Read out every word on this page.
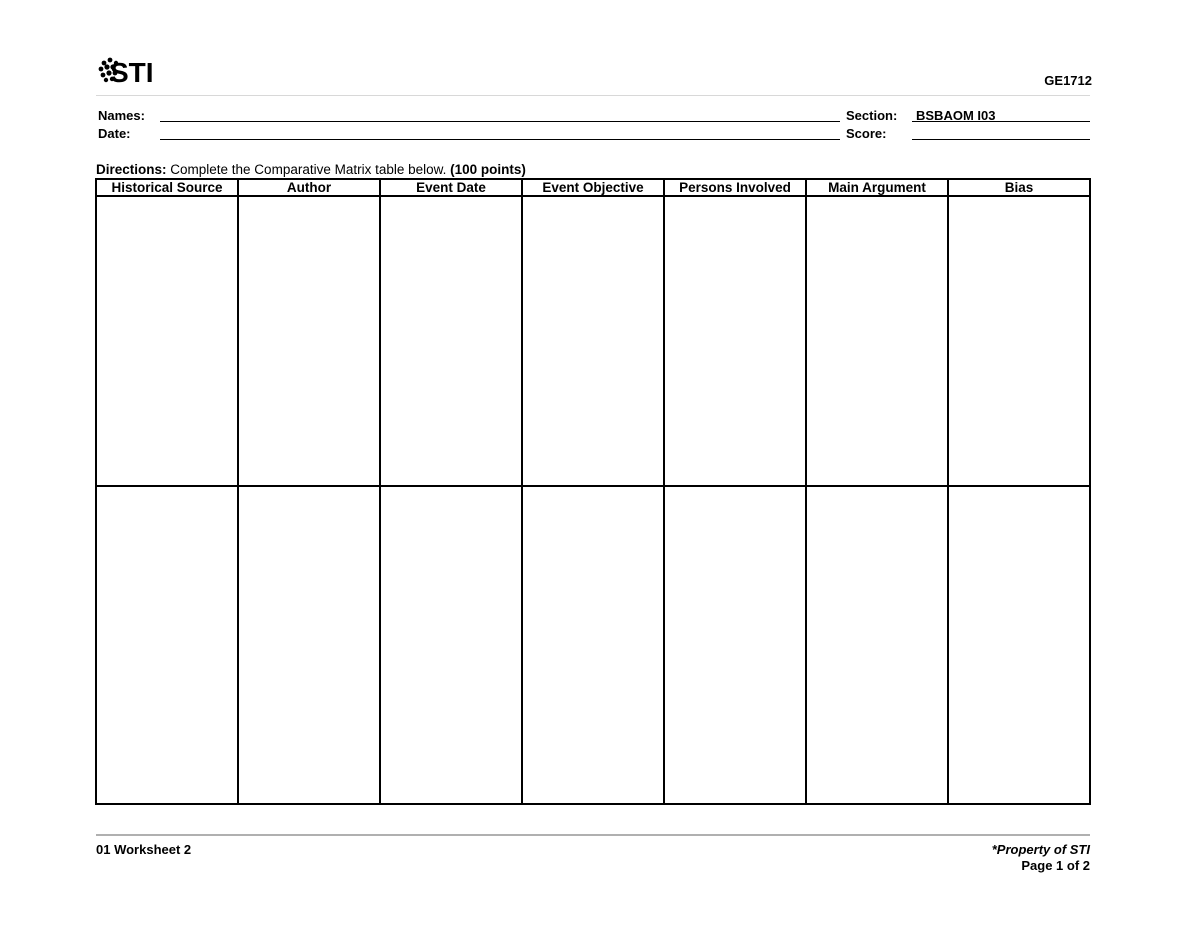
STI	GE1712
Names:
Date:
Section: BSBAOM I03
Score:
Directions: Complete the Comparative Matrix table below. (100 points)
Historical Source	Author	Event Date	Event Objective	Persons Involved	Main Argument	Bias

01 Worksheet 2	*Property of STI
Page 1 of 2
